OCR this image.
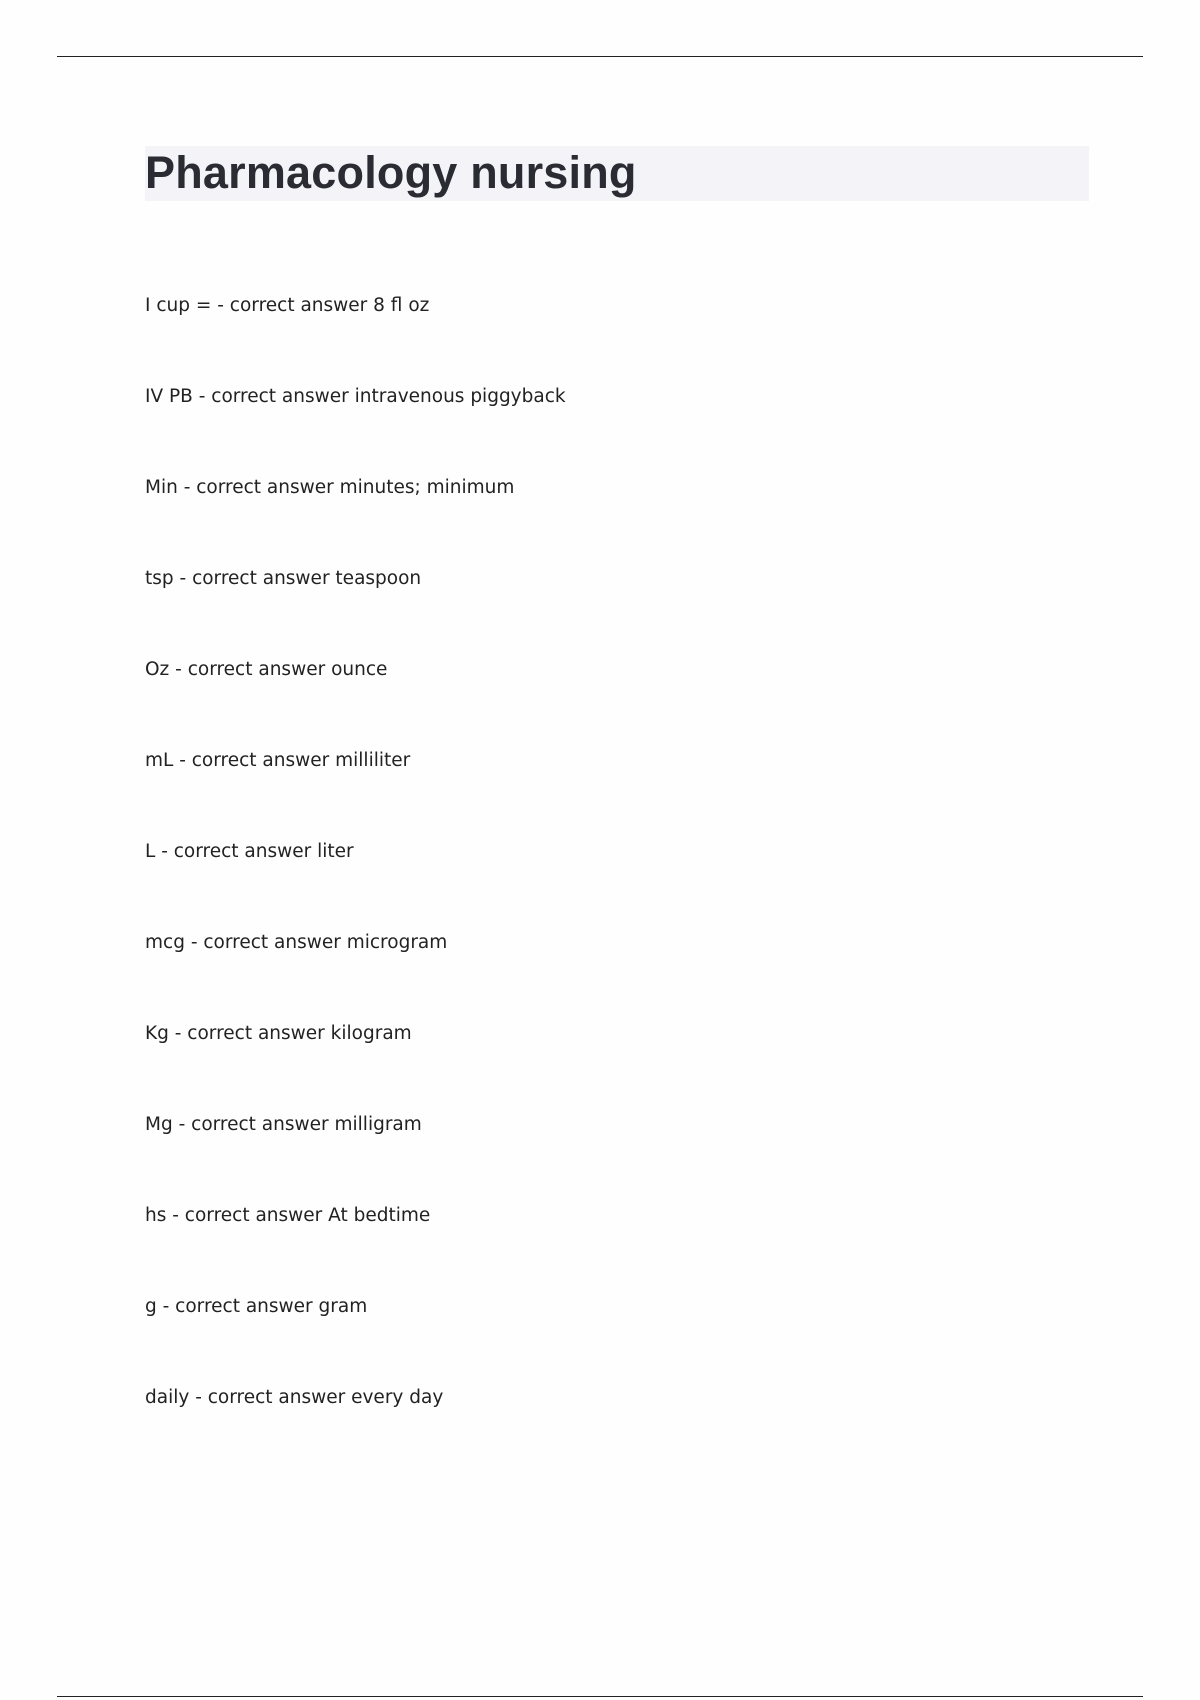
Pharmacology nursing
I cup = - correct answer 8 fl oz
IV PB - correct answer intravenous piggyback
Min - correct answer minutes; minimum
tsp - correct answer teaspoon
Oz - correct answer ounce
mL - correct answer milliliter
L - correct answer liter
mcg - correct answer microgram
Kg - correct answer kilogram
Mg - correct answer milligram
hs - correct answer At bedtime
g - correct answer gram
daily - correct answer every day
